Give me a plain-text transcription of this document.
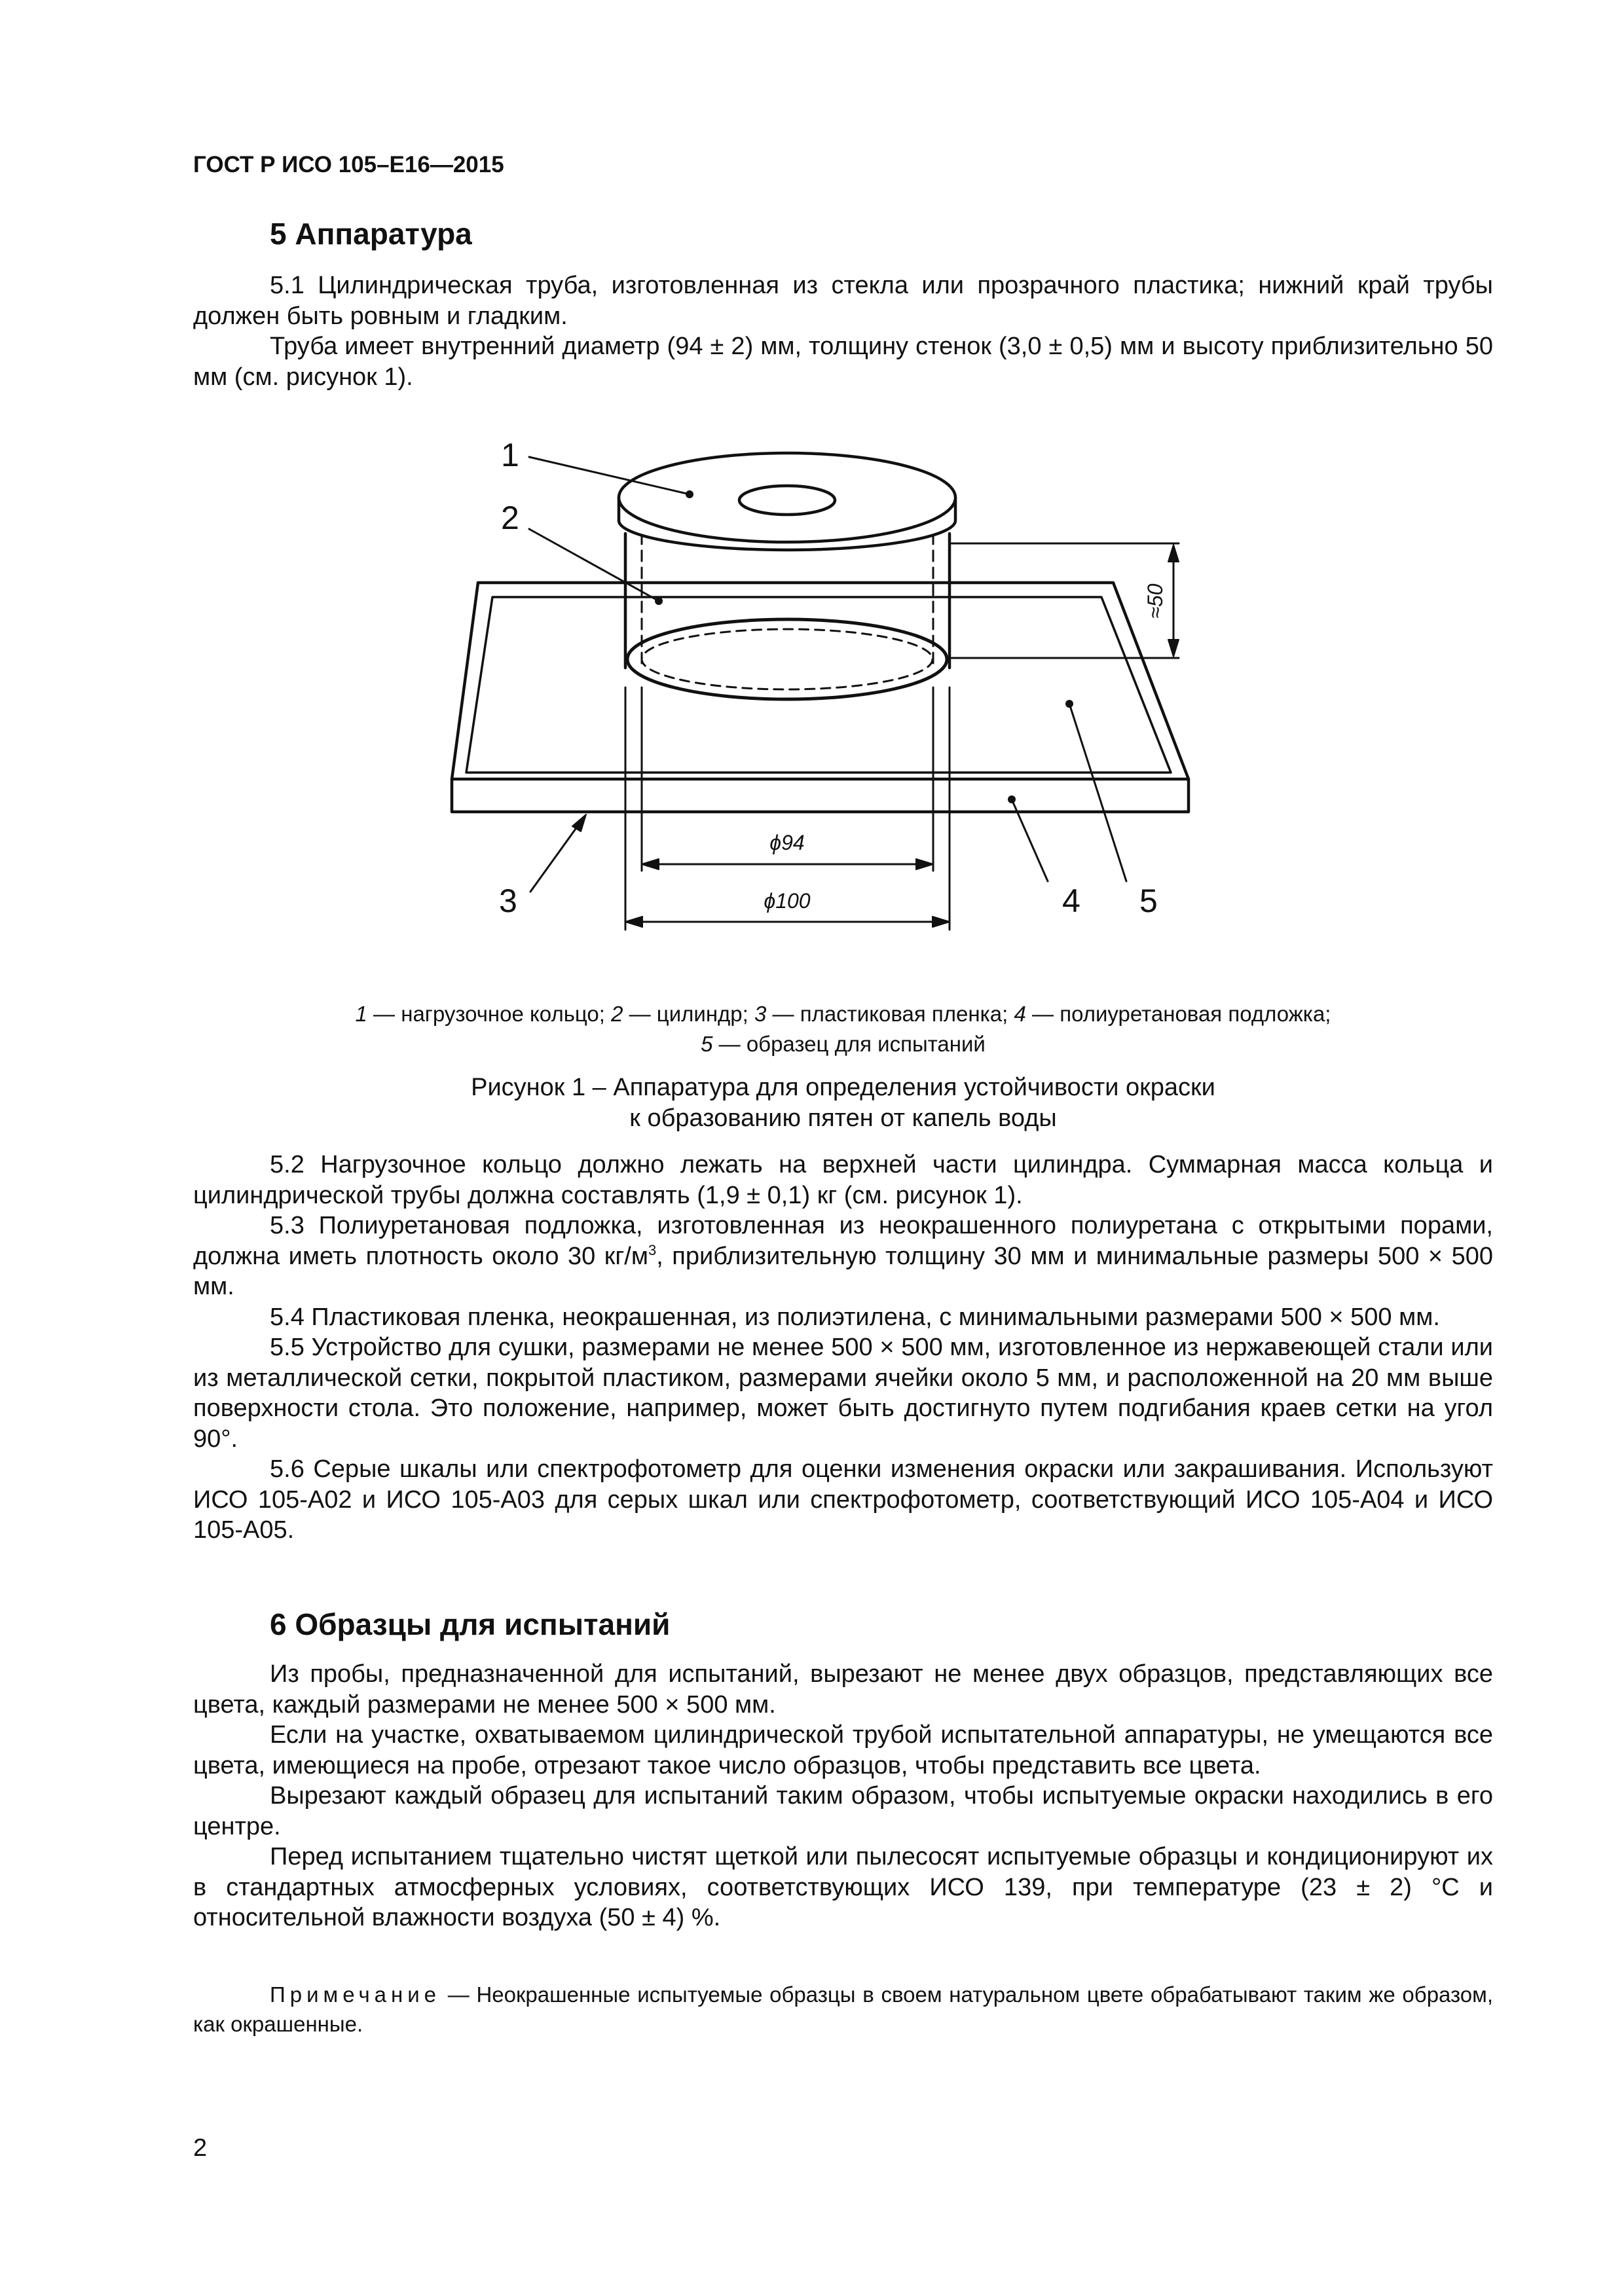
ГОСТ Р ИСО 105–Е16—2015
5 Аппаратура

5.1 Цилиндрическая труба, изготовленная из стекла или прозрачного пластика; нижний край трубы должен быть ровным и гладким.

Труба имеет внутренний диаметр (94 ± 2) мм, толщину стенок (3,0 ± 0,5) мм и высоту приблизительно 50 мм (см. рисунок 1).

1
2
3	4 5
≈50
ϕ94
ϕ100
1 — нагрузочное кольцо; 2 — цилиндр; 3 — пластиковая пленка; 4 — полиуретановая подложка;
5 — образец для испытаний
Рисунок 1 – Аппаратура для определения устойчивости окраски
к образованию пятен от капель воды

5.2 Нагрузочное кольцо должно лежать на верхней части цилиндра. Суммарная масса кольца и цилиндрической трубы должна составлять (1,9 ± 0,1) кг (см. рисунок 1).

5.3 Полиуретановая подложка, изготовленная из неокрашенного полиуретана с открытыми порами, должна иметь плотность около 30 $кг/м^3$, приблизительную толщину 30 мм и минимальные размеры 500 × 500 мм.

5.4 Пластиковая пленка, неокрашенная, из полиэтилена, с минимальными размерами 500 × 500 мм.

5.5 Устройство для сушки, размерами не менее 500 × 500 мм, изготовленное из нержавеющей стали или из металлической сетки, покрытой пластиком, размерами ячейки около 5 мм, и расположенной на 20 мм выше поверхности стола. Это положение, например, может быть достигнуто путем подгибания краев сетки на угол 90°.

5.6 Серые шкалы или спектрофотометр для оценки изменения окраски или закрашивания. Используют ИСО 105-А02 и ИСО 105-А03 для серых шкал или спектрофотометр, соответствующий ИСО 105-А04 и ИСО 105-А05.

6 Образцы для испытаний

Из пробы, предназначенной для испытаний, вырезают не менее двух образцов, представляющих все цвета, каждый размерами не менее 500 × 500 мм.

Если на участке, охватываемом цилиндрической трубой испытательной аппаратуры, не умещаются все цвета, имеющиеся на пробе, отрезают такое число образцов, чтобы представить все цвета.

Вырезают каждый образец для испытаний таким образом, чтобы испытуемые окраски находились в его центре.

Перед испытанием тщательно чистят щеткой или пылесосят испытуемые образцы и кондиционируют их в стандартных атмосферных условиях, соответствующих ИСО 139, при температуре (23 ± 2) °С и относительной влажности воздуха (50 ± 4) %.

Примечание — Неокрашенные испытуемые образцы в своем натуральном цвете обрабатывают таким же образом, как окрашенные.
2
